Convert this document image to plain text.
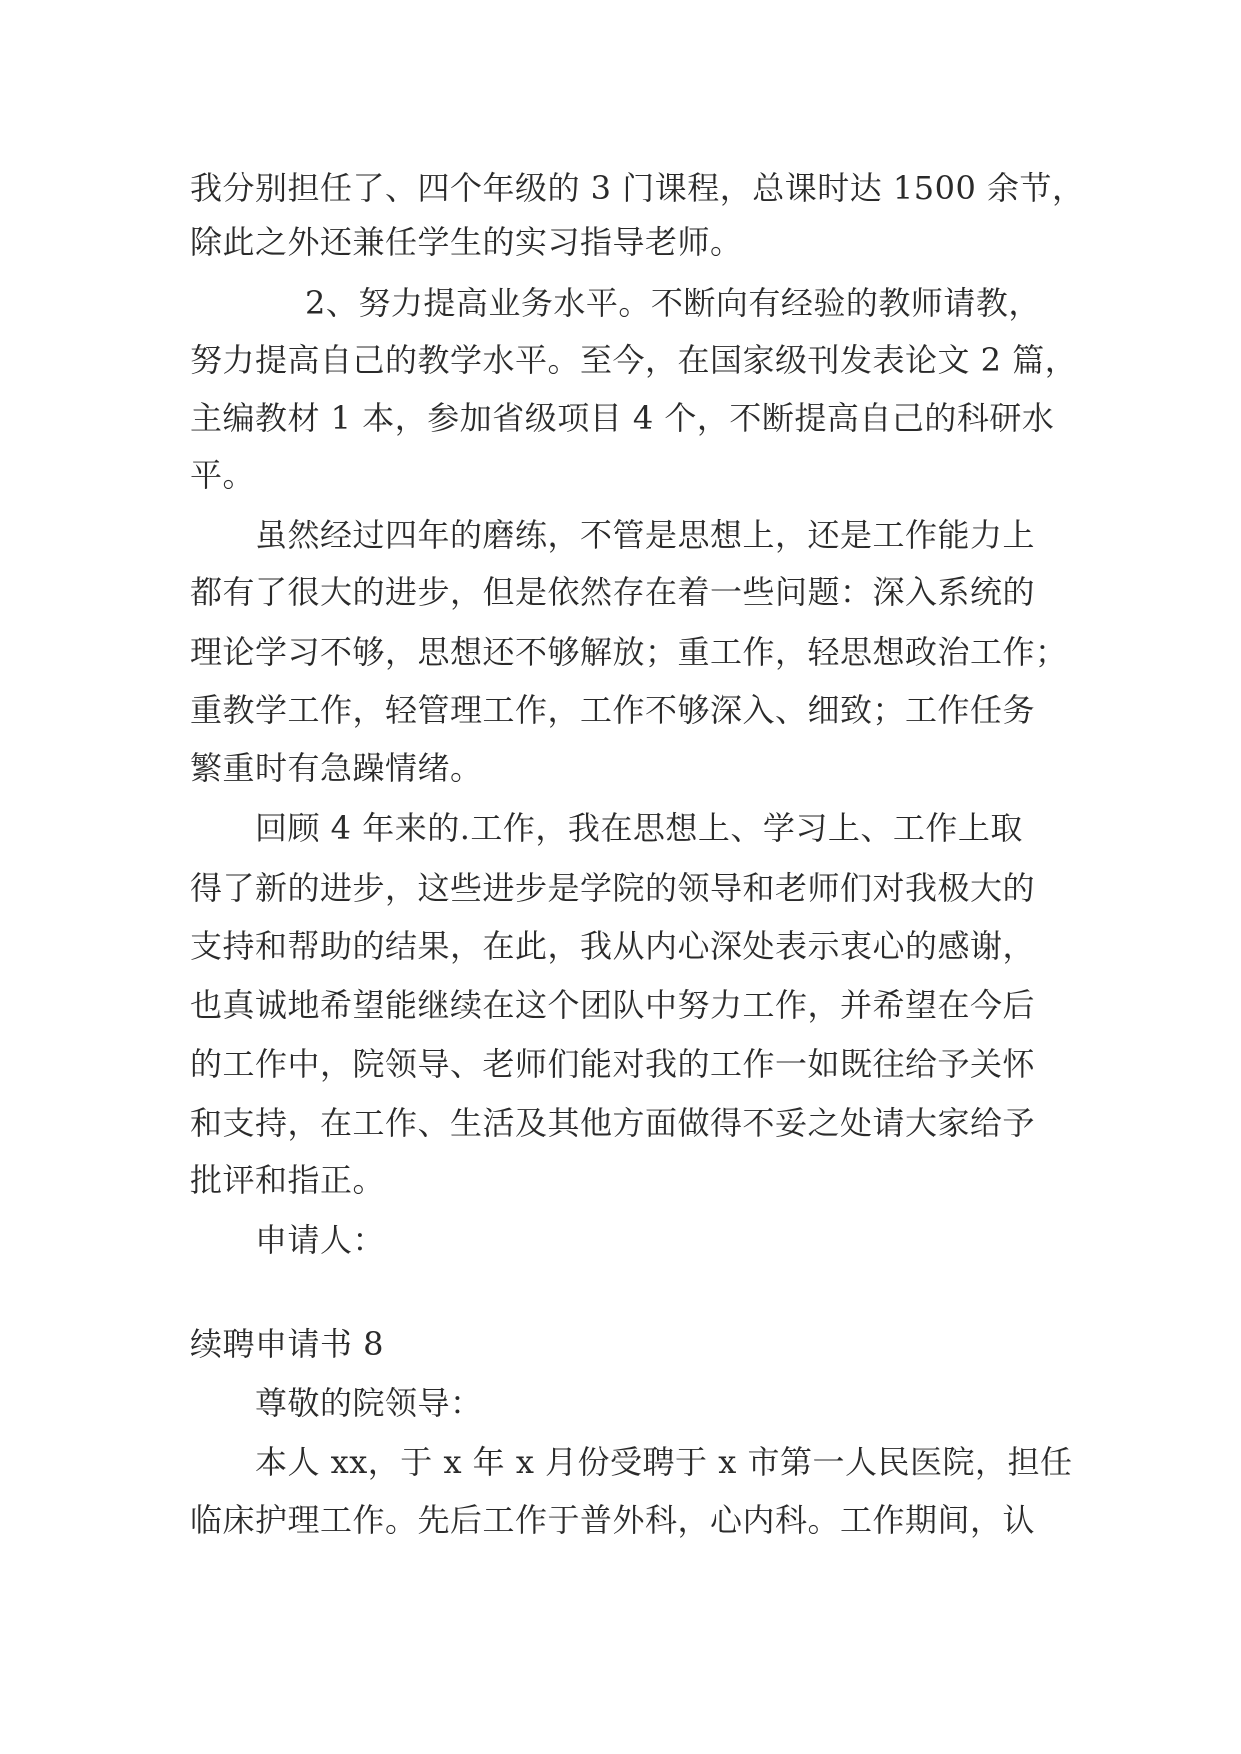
我分别担任了、四个年级的 3 门课程，总课时达 1500 余节，
除此之外还兼任学生的实习指导老师。
　　2、努力提高业务水平。不断向有经验的教师请教，
努力提高自己的教学水平。至今，在国家级刊发表论文 2 篇，
主编教材 1 本，参加省级项目 4 个，不断提高自己的科研水
平。
虽然经过四年的磨练，不管是思想上，还是工作能力上
都有了很大的进步，但是依然存在着一些问题：深入系统的
理论学习不够，思想还不够解放；重工作，轻思想政治工作；
重教学工作，轻管理工作，工作不够深入、细致；工作任务
繁重时有急躁情绪。
回顾 4 年来的.工作，我在思想上、学习上、工作上取
得了新的进步，这些进步是学院的领导和老师们对我极大的
支持和帮助的结果，在此，我从内心深处表示衷心的感谢，
也真诚地希望能继续在这个团队中努力工作，并希望在今后
的工作中，院领导、老师们能对我的工作一如既往给予关怀
和支持，在工作、生活及其他方面做得不妥之处请大家给予
批评和指正。
申请人：
续聘申请书 8
尊敬的院领导：
本人 xx，于 x 年 x 月份受聘于 x 市第一人民医院，担任
临床护理工作。先后工作于普外科，心内科。工作期间，认
